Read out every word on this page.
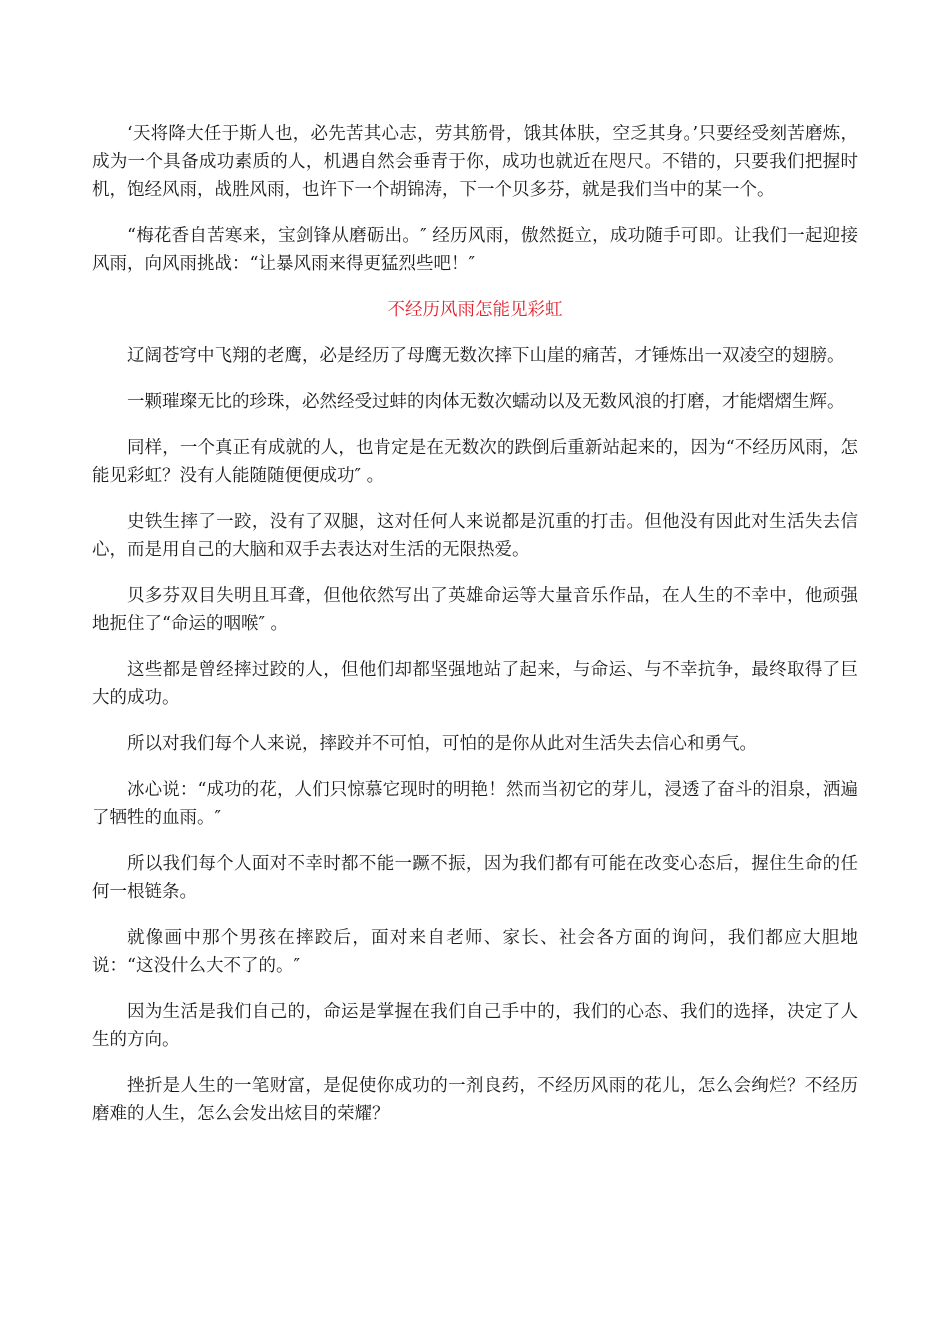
‘天将降大任于斯人也，必先苦其心志，劳其筋骨，饿其体肤，空乏其身。’只要经受刻苦磨炼，成为一个具备成功素质的人，机遇自然会垂青于你，成功也就近在咫尺。不错的，只要我们把握时机，饱经风雨，战胜风雨，也许下一个胡锦涛，下一个贝多芬，就是我们当中的某一个。

“梅花香自苦寒来，宝剑锋从磨砺出。″ 经历风雨，傲然挺立，成功随手可即。让我们一起迎接风雨，向风雨挑战：“让暴风雨来得更猛烈些吧！″

不经历风雨怎能见彩虹

辽阔苍穹中飞翔的老鹰，必是经历了母鹰无数次摔下山崖的痛苦，才锤炼出一双凌空的翅膀。

一颗璀璨无比的珍珠，必然经受过蚌的肉体无数次蠕动以及无数风浪的打磨，才能熠熠生辉。

同样，一个真正有成就的人，也肯定是在无数次的跌倒后重新站起来的，因为“不经历风雨，怎能见彩虹？没有人能随随便便成功″ 。

史铁生摔了一跤，没有了双腿，这对任何人来说都是沉重的打击。但他没有因此对生活失去信心，而是用自己的大脑和双手去表达对生活的无限热爱。

贝多芬双目失明且耳聋，但他依然写出了英雄命运等大量音乐作品，在人生的不幸中，他顽强地扼住了“命运的咽喉″ 。

这些都是曾经摔过跤的人，但他们却都坚强地站了起来，与命运、与不幸抗争，最终取得了巨大的成功。

所以对我们每个人来说，摔跤并不可怕，可怕的是你从此对生活失去信心和勇气。

冰心说：“成功的花，人们只惊慕它现时的明艳！然而当初它的芽儿，浸透了奋斗的泪泉，洒遍了牺牲的血雨。″

所以我们每个人面对不幸时都不能一蹶不振，因为我们都有可能在改变心态后，握住生命的任何一根链条。

就像画中那个男孩在摔跤后，面对来自老师、家长、社会各方面的询问，我们都应大胆地说：“这没什么大不了的。″

因为生活是我们自己的，命运是掌握在我们自己手中的，我们的心态、我们的选择，决定了人生的方向。

挫折是人生的一笔财富，是促使你成功的一剂良药，不经历风雨的花儿，怎么会绚烂？不经历磨难的人生，怎么会发出炫目的荣耀？
